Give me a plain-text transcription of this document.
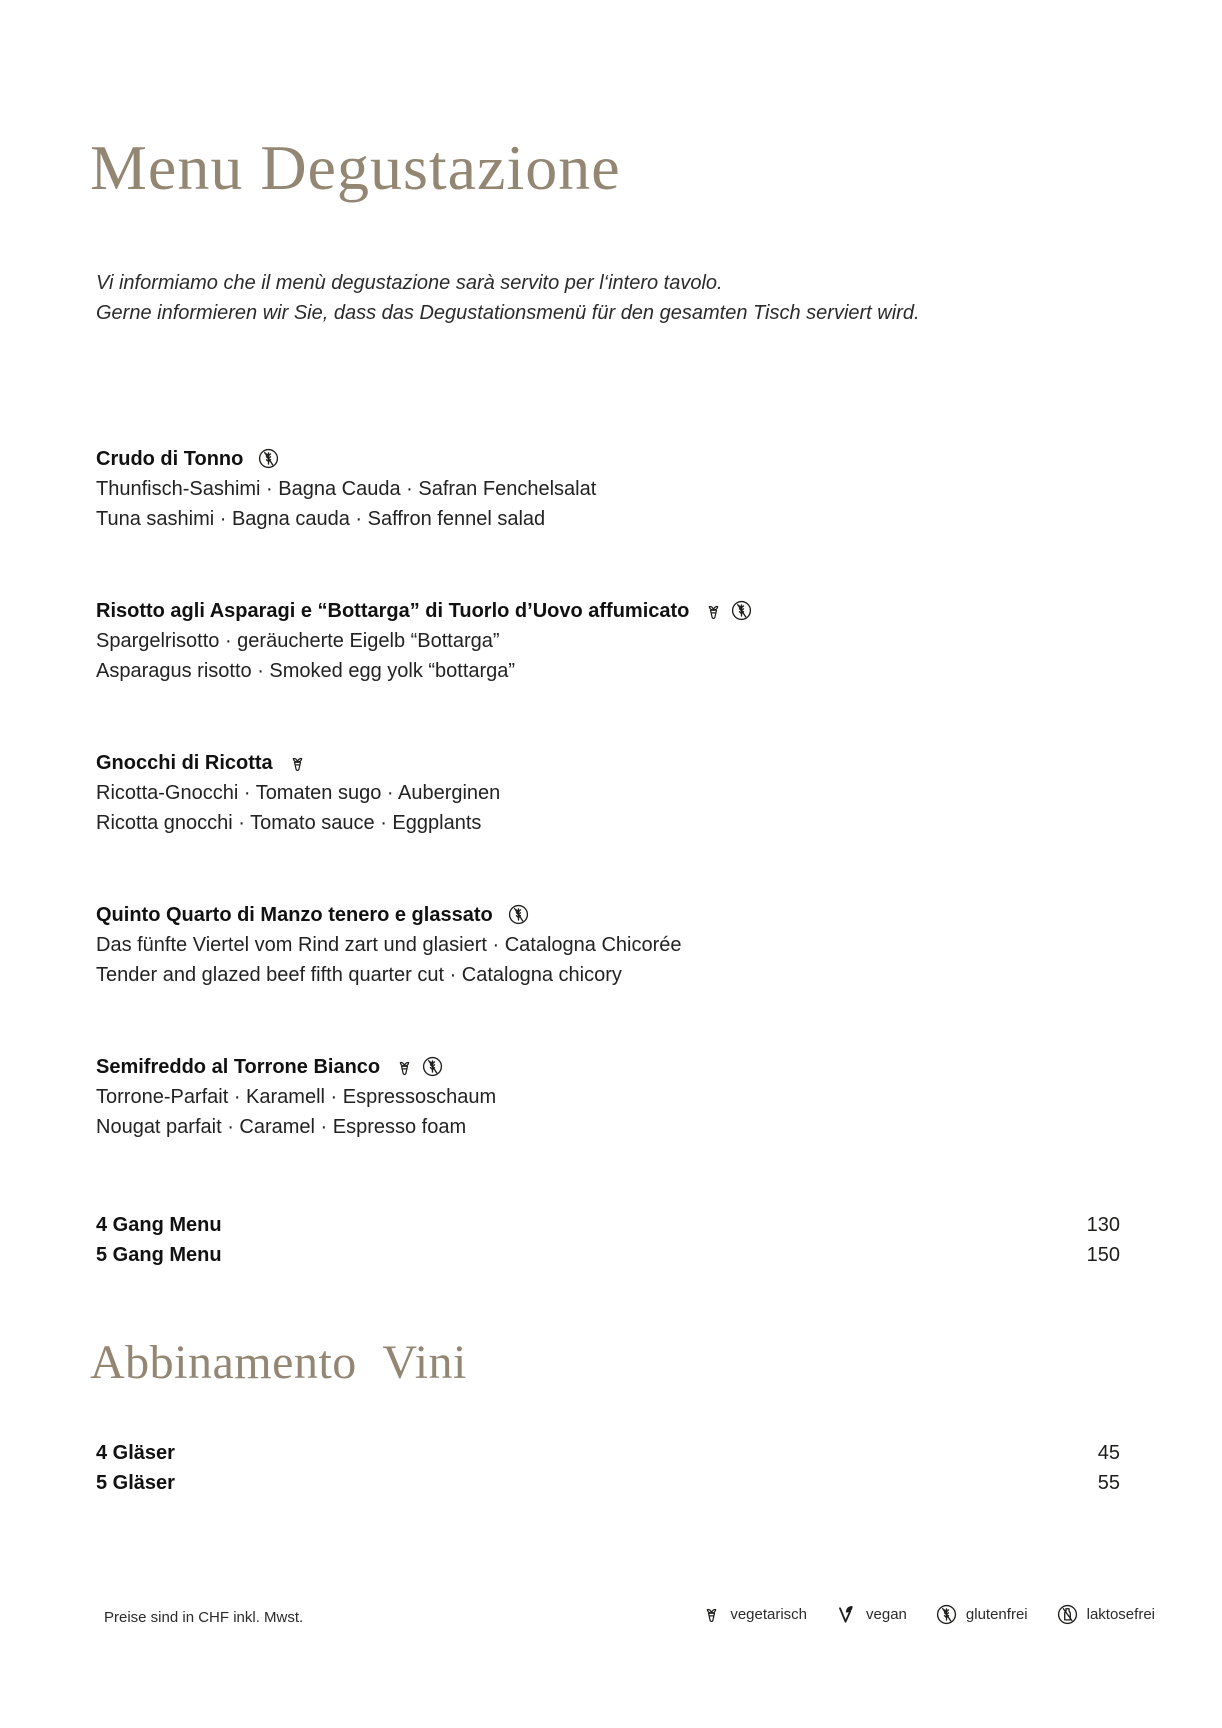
Menu Degustazione

Vi informiamo che il menù degustazione sarà servito per l‘intero tavolo.

Gerne informieren wir Sie, dass das Degustationsmenü für den gesamten Tisch serviert wird.

Crudo di Tonno

Thunfisch-Sashimi · Bagna Cauda · Safran Fenchelsalat

Tuna sashimi · Bagna cauda · Saffron fennel salad

Risotto agli Asparagi e “Bottarga” di Tuorlo d’Uovo affumicato

Spargelrisotto · geräucherte Eigelb “Bottarga”

Asparagus risotto · Smoked egg yolk “bottarga”

Gnocchi di Ricotta

Ricotta-Gnocchi · Tomaten sugo · Auberginen

Ricotta gnocchi · Tomato sauce · Eggplants

Quinto Quarto di Manzo tenero e glassato

Das fünfte Viertel vom Rind zart und glasiert · Catalogna Chicorée

Tender and glazed beef fifth quarter cut · Catalogna chicory

Semifreddo al Torrone Bianco

Torrone-Parfait · Karamell · Espressoschaum

Nougat parfait · Caramel · Espresso foam

4 Gang Menu	130
5 Gang Menu	150
Abbinamento Vini
4 Gläser	45
5 Gläser	55
Preise sind in CHF inkl. Mwst.	vegetarisch	vegan	glutenfrei	laktosefrei
